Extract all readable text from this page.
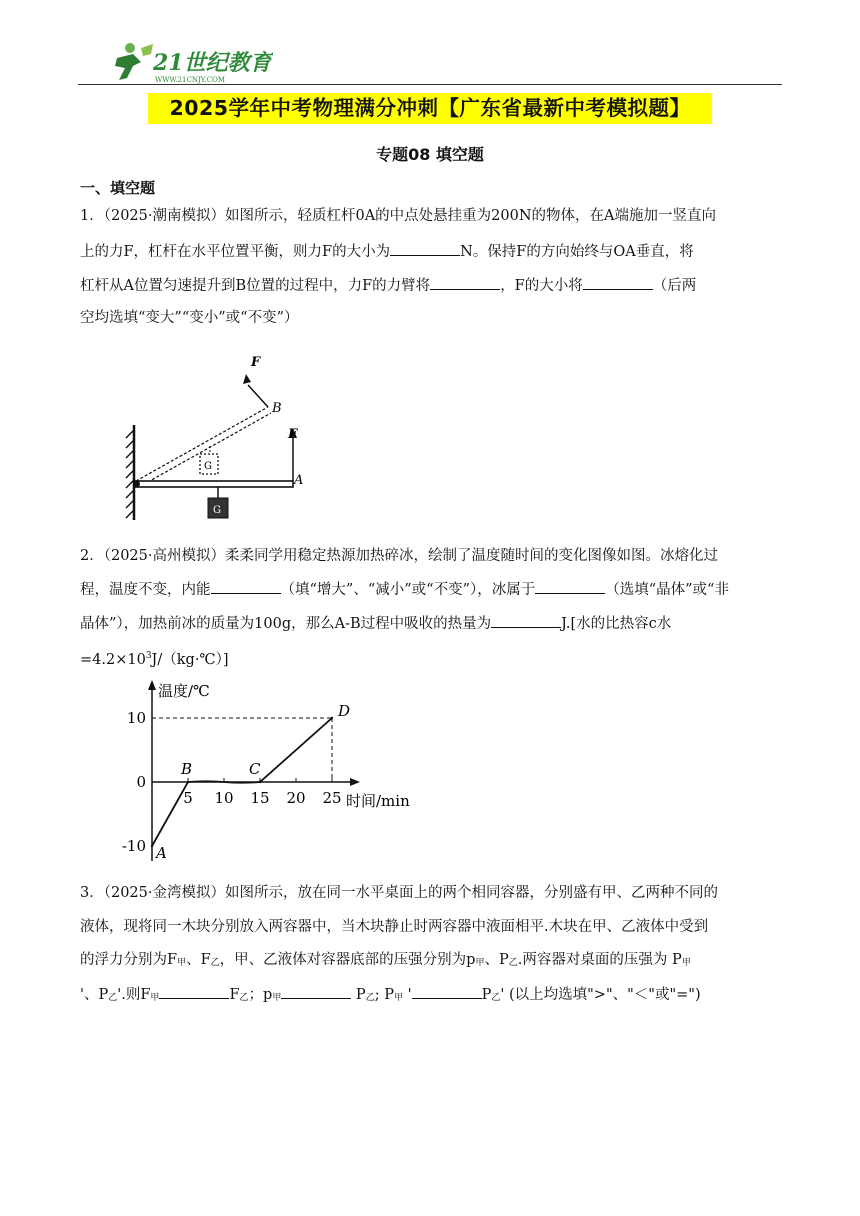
21世纪教育
WWW.21CNJY.COM
2025学年中考物理满分冲刺【广东省最新中考模拟题】
专题08 填空题
一、填空题
1．（2025·潮南模拟）如图所示，轻质杠杆0A的中点处悬挂重为200N的物体，在A端施加一竖直向
上的力F，杠杆在水平位置平衡，则力F的大小为	N。保持F的方向始终与OA垂直，将
杠杆从A位置匀速提升到B位置的过程中，力F的力臂将	，F的大小将	（后两
空均选填“变大”“变小”或“不变”）
G
G
F
B
F
A
2．（2025·高州模拟）柔柔同学用稳定热源加热碎冰，绘制了温度随时间的变化图像如图。冰熔化过
程，温度不变，内能	（填“增大”、“减小”或“不变”），冰属于	（选填“晶体”或“非
晶体”），加热前冰的质量为100g，那么A-B过程中吸收的热量为	J.[水的比热容c水
$=4.2\times 10^3J/(kg\cdot℃)$]
温度/℃
时间/min
5 10 15 20 25
10
0
-10 A
B	C
D
3．（2025·金湾模拟）如图所示，放在同一水平桌面上的两个相同容器，分别盛有甲、乙两种不同的
液体，现将同一木块分别放入两容器中，当木块静止时两容器中液面相平.木块在甲、乙液体中受到
的浮力分别为F甲、F乙，甲、乙液体对容器底部的压强分别为p甲、P乙.两容器对桌面的压强为 P甲
'、P乙'.则F甲	F乙；p甲	P乙; P甲 '	P乙' (以上均选填">"、"＜"或"=")
